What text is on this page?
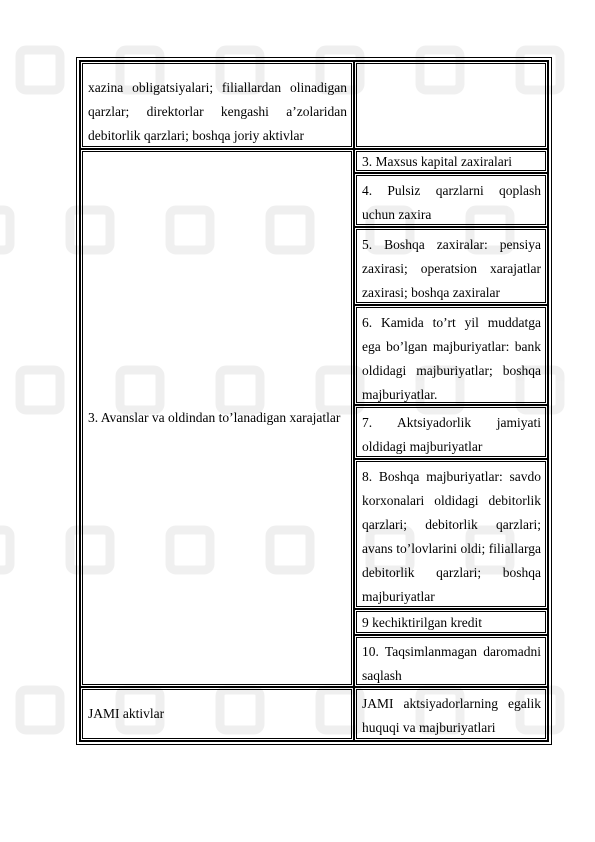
xazina obligatsiyalari; filiallardan olinadigan qarzlar; direktorlar kengashi a’zolaridan debitorlik qarzlari; boshqa joriy aktivlar
3. Avanslar va oldindan to’lanadigan xarajatlar
3. Maxsus kapital zaxiralari
4. Pulsiz qarzlarni qoplash uchun zaxira
5. Boshqa zaxiralar: pensiya zaxirasi; operatsion xarajatlar zaxirasi; boshqa zaxiralar
6. Kamida to’rt yil muddatga ega bo’lgan majburiyatlar: bank oldidagi majburiyatlar; boshqa majburiyatlar.
7. Aktsiyadorlik jamiyati oldidagi majburiyatlar
8. Boshqa majburiyatlar: savdo korxonalari oldidagi debitorlik qarzlari; debitorlik qarzlari; avans to’lovlarini oldi; filiallarga debitorlik qarzlari; boshqa majburiyatlar
9 kechiktirilgan kredit
10. Taqsimlanmagan daromadni saqlash
JAMI aktivlar
JAMI aktsiyadorlarning egalik huquqi va majburiyatlari
